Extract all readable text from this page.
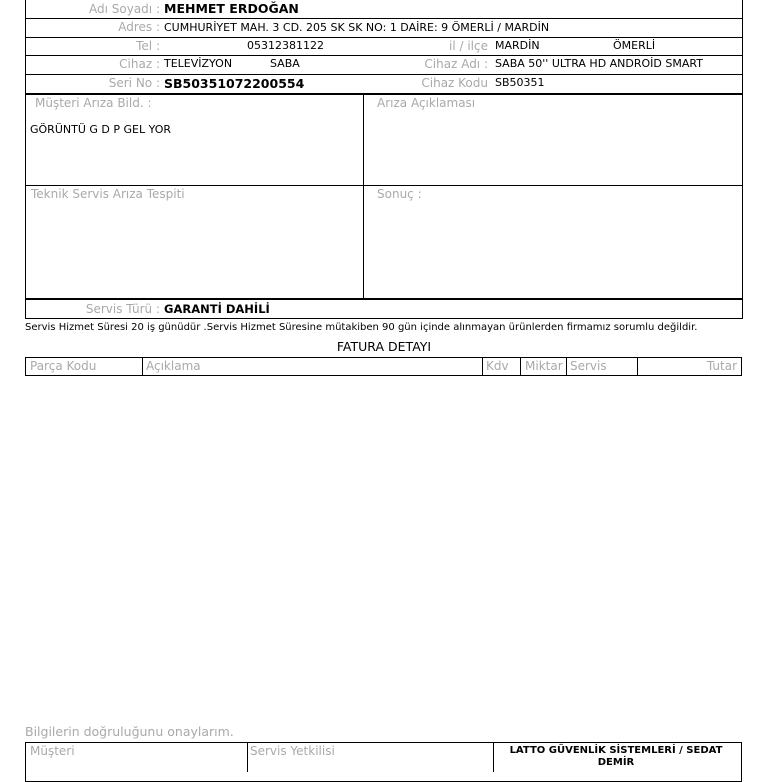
Adı Soyadı : MEHMET ERDOĞAN
Adres : CUMHURİYET MAH. 3 CD. 205 SK SK NO: 1 DAİRE: 9 ÖMERLİ / MARDİN
Tel :	05312381122	il / ilçe MARDİN	ÖMERLİ
Cihaz : TELEVİZYON	SABA	Cihaz Adı : SABA 50'' ULTRA HD ANDROİD SMART
Seri No : SB50351072200554	Cihaz Kodu SB50351
Müşteri Arıza Bild. :
GÖRÜNTÜ G D P GEL YOR
Arıza Açıklaması
Teknik Servis Arıza Tespiti	Sonuç :
Servis Türü : GARANTİ DAHİLİ
Servis Hizmet Süresi 20 iş günüdür .Servis Hizmet Süresine mütakiben 90 gün içinde alınmayan ürünlerden firmamız sorumlu değildir.
FATURA DETAYI
Parça Kodu	Açıklama	Kdv Miktar Servis	Tutar
Bilgilerin doğruluğunu onaylarım.
Müşteri	Servis Yetkilisi	LATTO GÜVENLİK SİSTEMLERİ / SEDAT DEMİR
